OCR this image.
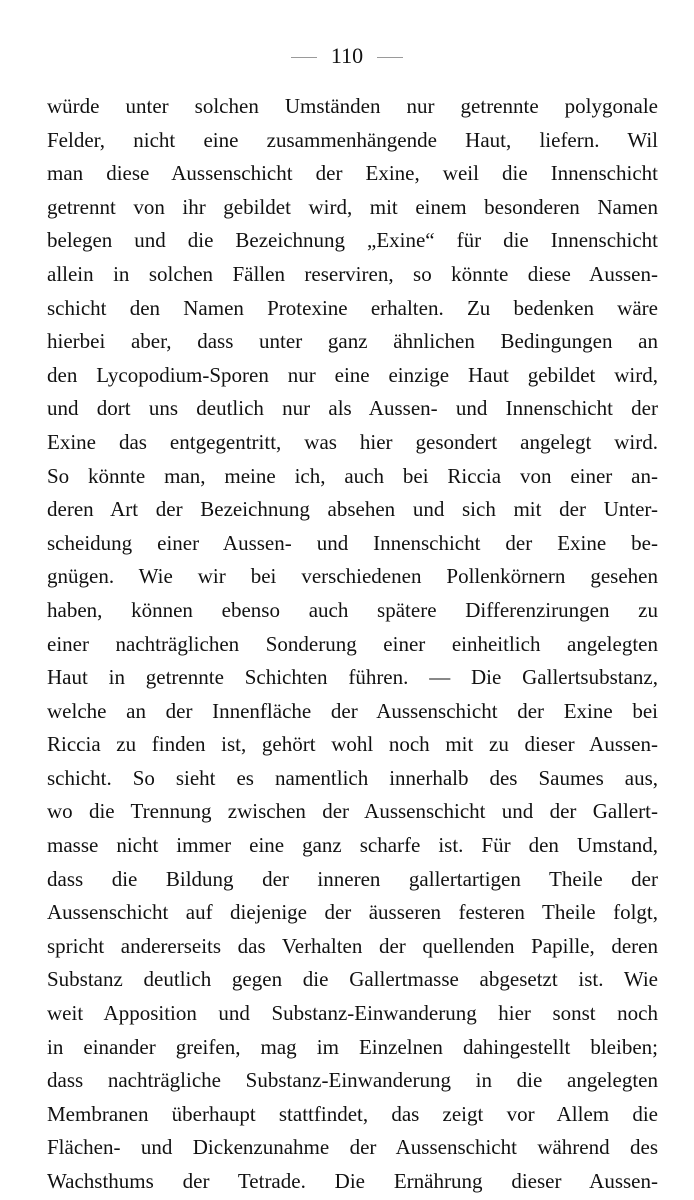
110
würde unter solchen Umständen nur getrennte polygonale
Felder, nicht eine zusammenhängende Haut, liefern. Wil
man diese Aussenschicht der Exine, weil die Innenschicht
getrennt von ihr gebildet wird, mit einem besonderen Namen
belegen und die Bezeichnung „Exine“ für die Innenschicht
allein in solchen Fällen reserviren, so könnte diese Aussen-
schicht den Namen Protexine erhalten. Zu bedenken wäre
hierbei aber, dass unter ganz ähnlichen Bedingungen an
den Lycopodium-Sporen nur eine einzige Haut gebildet wird,
und dort uns deutlich nur als Aussen- und Innenschicht der
Exine das entgegentritt, was hier gesondert angelegt wird.
So könnte man, meine ich, auch bei Riccia von einer an-
deren Art der Bezeichnung absehen und sich mit der Unter-
scheidung einer Aussen- und Innenschicht der Exine be-
gnügen. Wie wir bei verschiedenen Pollenkörnern gesehen
haben, können ebenso auch spätere Differenzirungen zu
einer nachträglichen Sonderung einer einheitlich angelegten
Haut in getrennte Schichten führen. — Die Gallertsubstanz,
welche an der Innenfläche der Aussenschicht der Exine bei
Riccia zu finden ist, gehört wohl noch mit zu dieser Aussen-
schicht. So sieht es namentlich innerhalb des Saumes aus,
wo die Trennung zwischen der Aussenschicht und der Gallert-
masse nicht immer eine ganz scharfe ist. Für den Umstand,
dass die Bildung der inneren gallertartigen Theile der
Aussenschicht auf diejenige der äusseren festeren Theile folgt,
spricht andererseits das Verhalten der quellenden Papille, deren
Substanz deutlich gegen die Gallertmasse abgesetzt ist. Wie
weit Apposition und Substanz-Einwanderung hier sonst noch
in einander greifen, mag im Einzelnen dahingestellt bleiben;
dass nachträgliche Substanz-Einwanderung in die angelegten
Membranen überhaupt stattfindet, das zeigt vor Allem die
Flächen- und Dickenzunahme der Aussenschicht während des
Wachsthums der Tetrade. Die Ernährung dieser Aussen-
